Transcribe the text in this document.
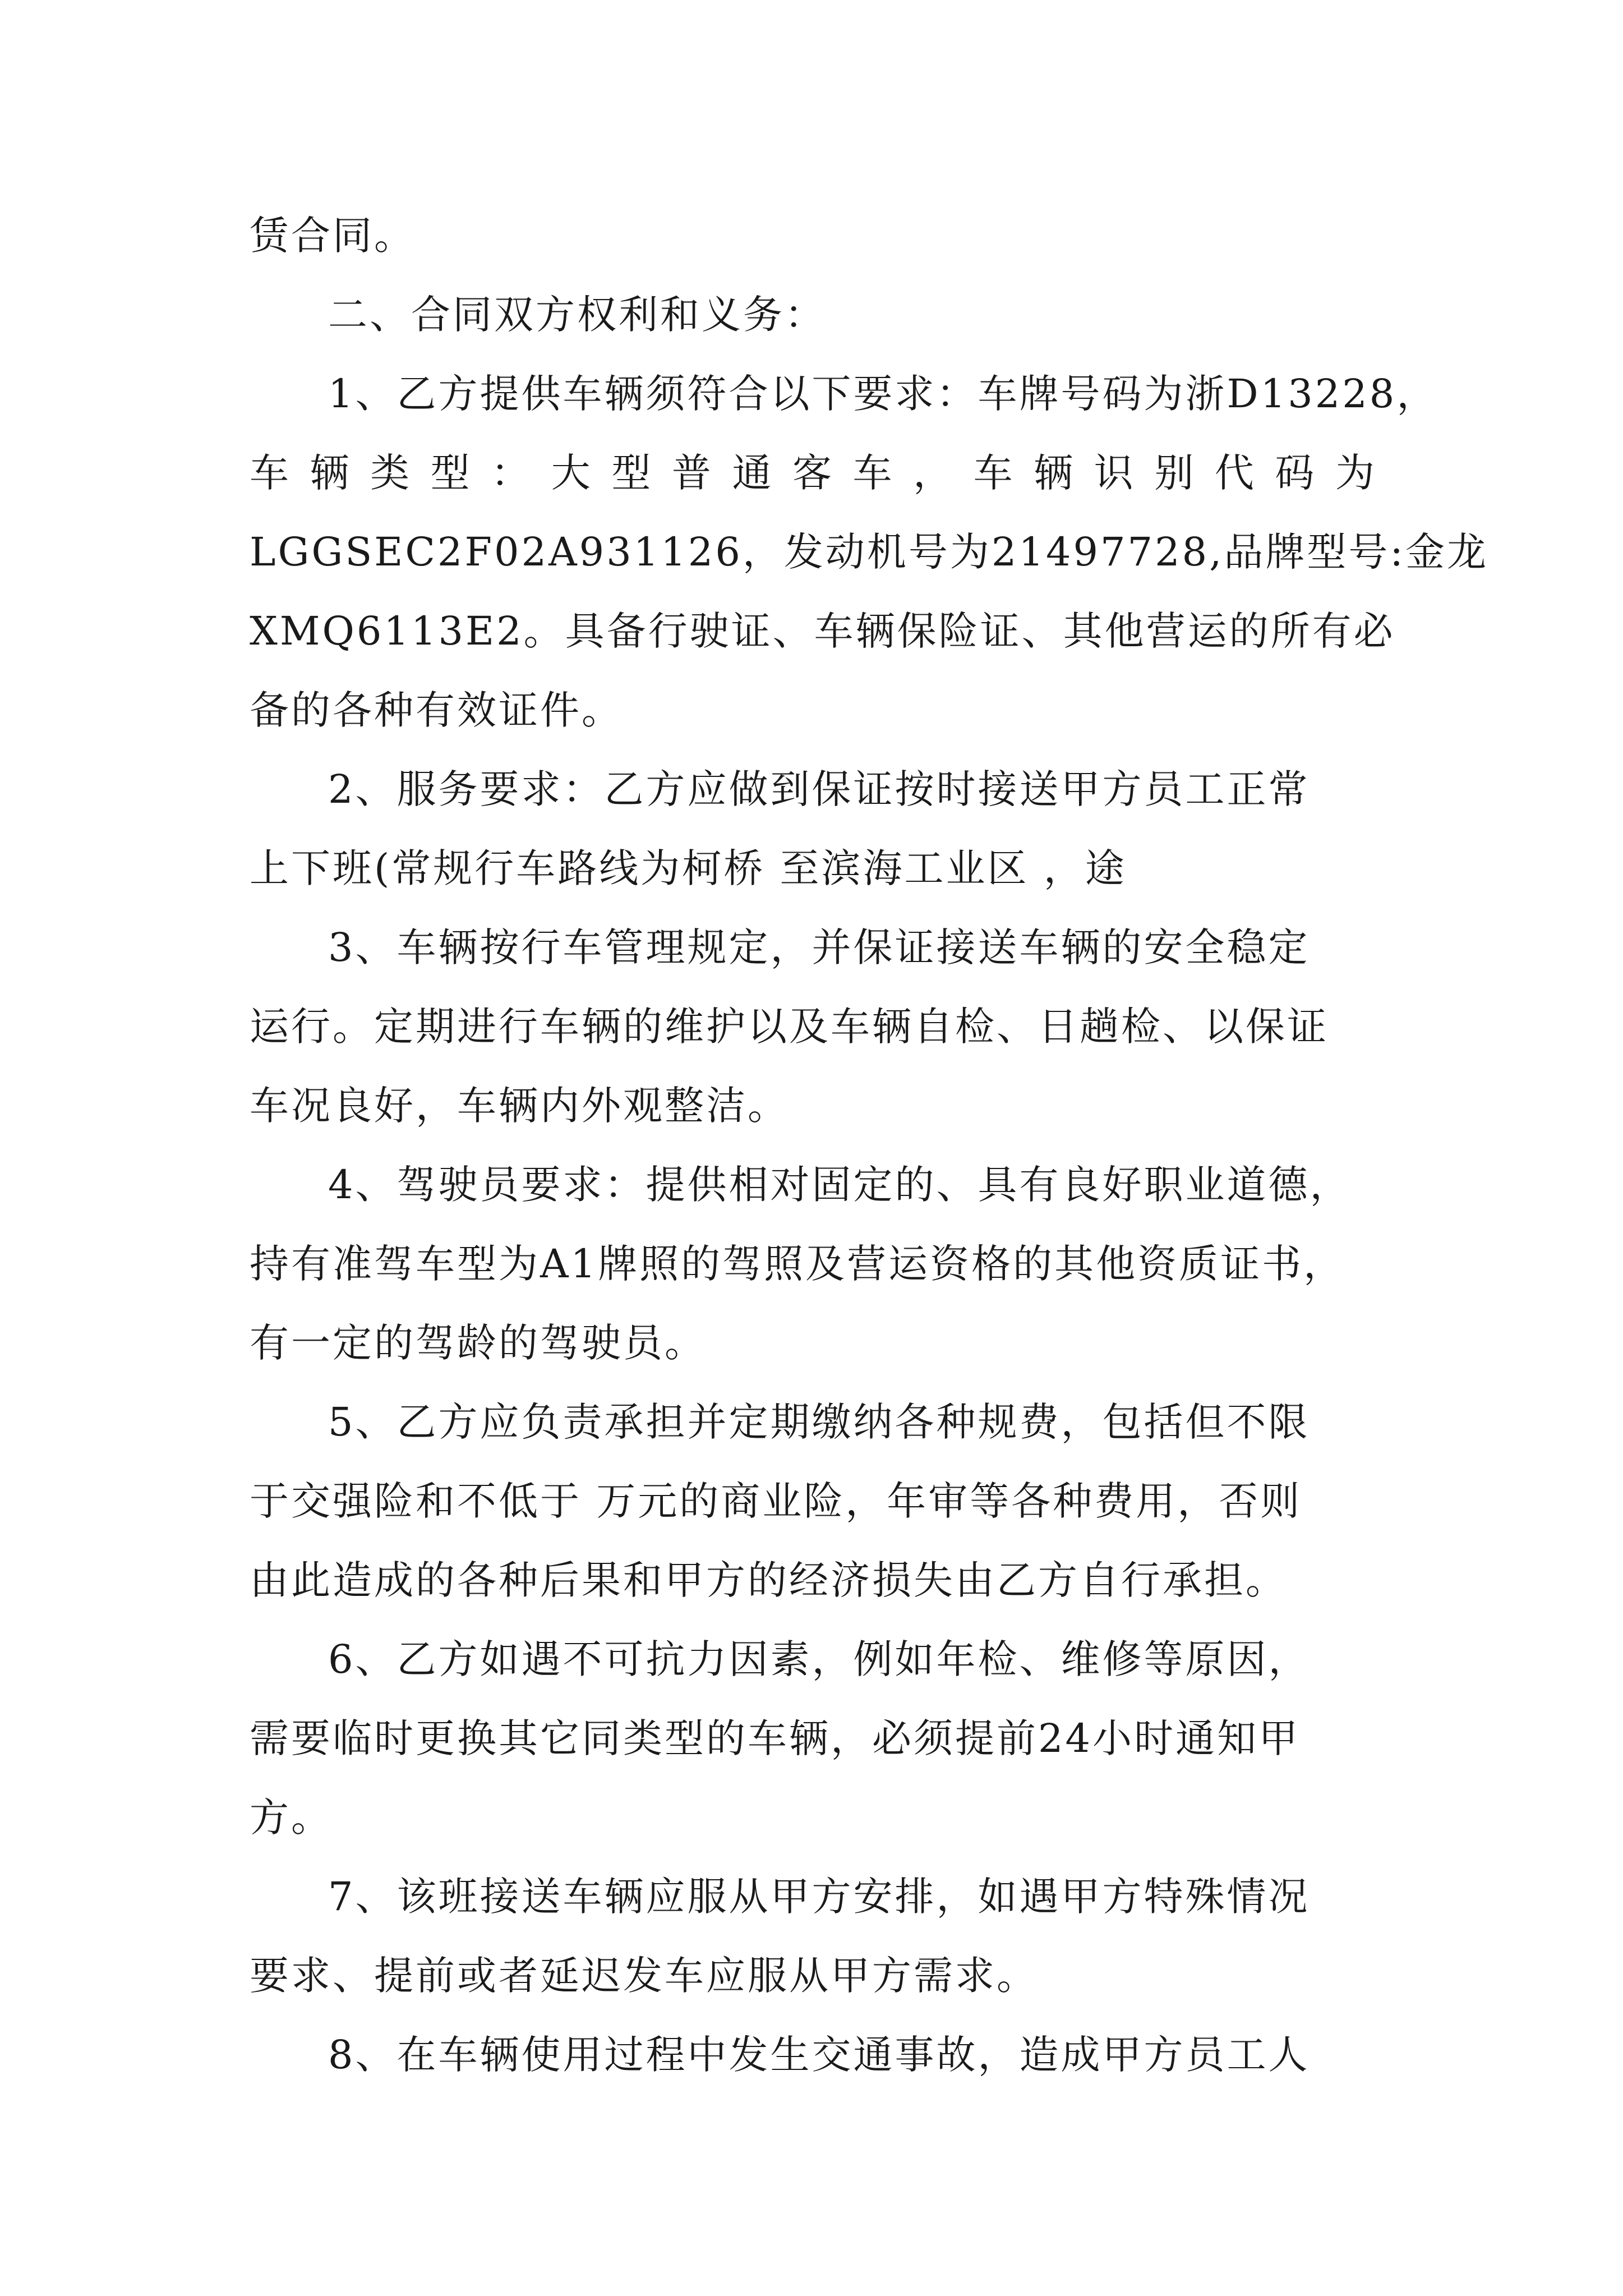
赁合同。
二、合同双方权利和义务：
1、乙方提供车辆须符合以下要求：车牌号码为浙D13228，
车 辆 类 型 ： 大 型 普 通 客 车 ， 车 辆 识 别 代 码 为
LGGSEC2F02A931126，发动机号为21497728,品牌型号:金龙
XMQ6113E2。具备行驶证、车辆保险证、其他营运的所有必
备的各种有效证件。
2、服务要求：乙方应做到保证按时接送甲方员工正常
上下班(常规行车路线为柯桥 至滨海工业区 ，途
3、车辆按行车管理规定，并保证接送车辆的安全稳定
运行。定期进行车辆的维护以及车辆自检、日趟检、以保证
车况良好，车辆内外观整洁。
4、驾驶员要求：提供相对固定的、具有良好职业道德，
持有准驾车型为A1牌照的驾照及营运资格的其他资质证书，
有一定的驾龄的驾驶员。
5、乙方应负责承担并定期缴纳各种规费，包括但不限
于交强险和不低于 万元的商业险，年审等各种费用，否则
由此造成的各种后果和甲方的经济损失由乙方自行承担。
6、乙方如遇不可抗力因素，例如年检、维修等原因，
需要临时更换其它同类型的车辆，必须提前24小时通知甲
方。
7、该班接送车辆应服从甲方安排，如遇甲方特殊情况
要求、提前或者延迟发车应服从甲方需求。
8、在车辆使用过程中发生交通事故，造成甲方员工人
